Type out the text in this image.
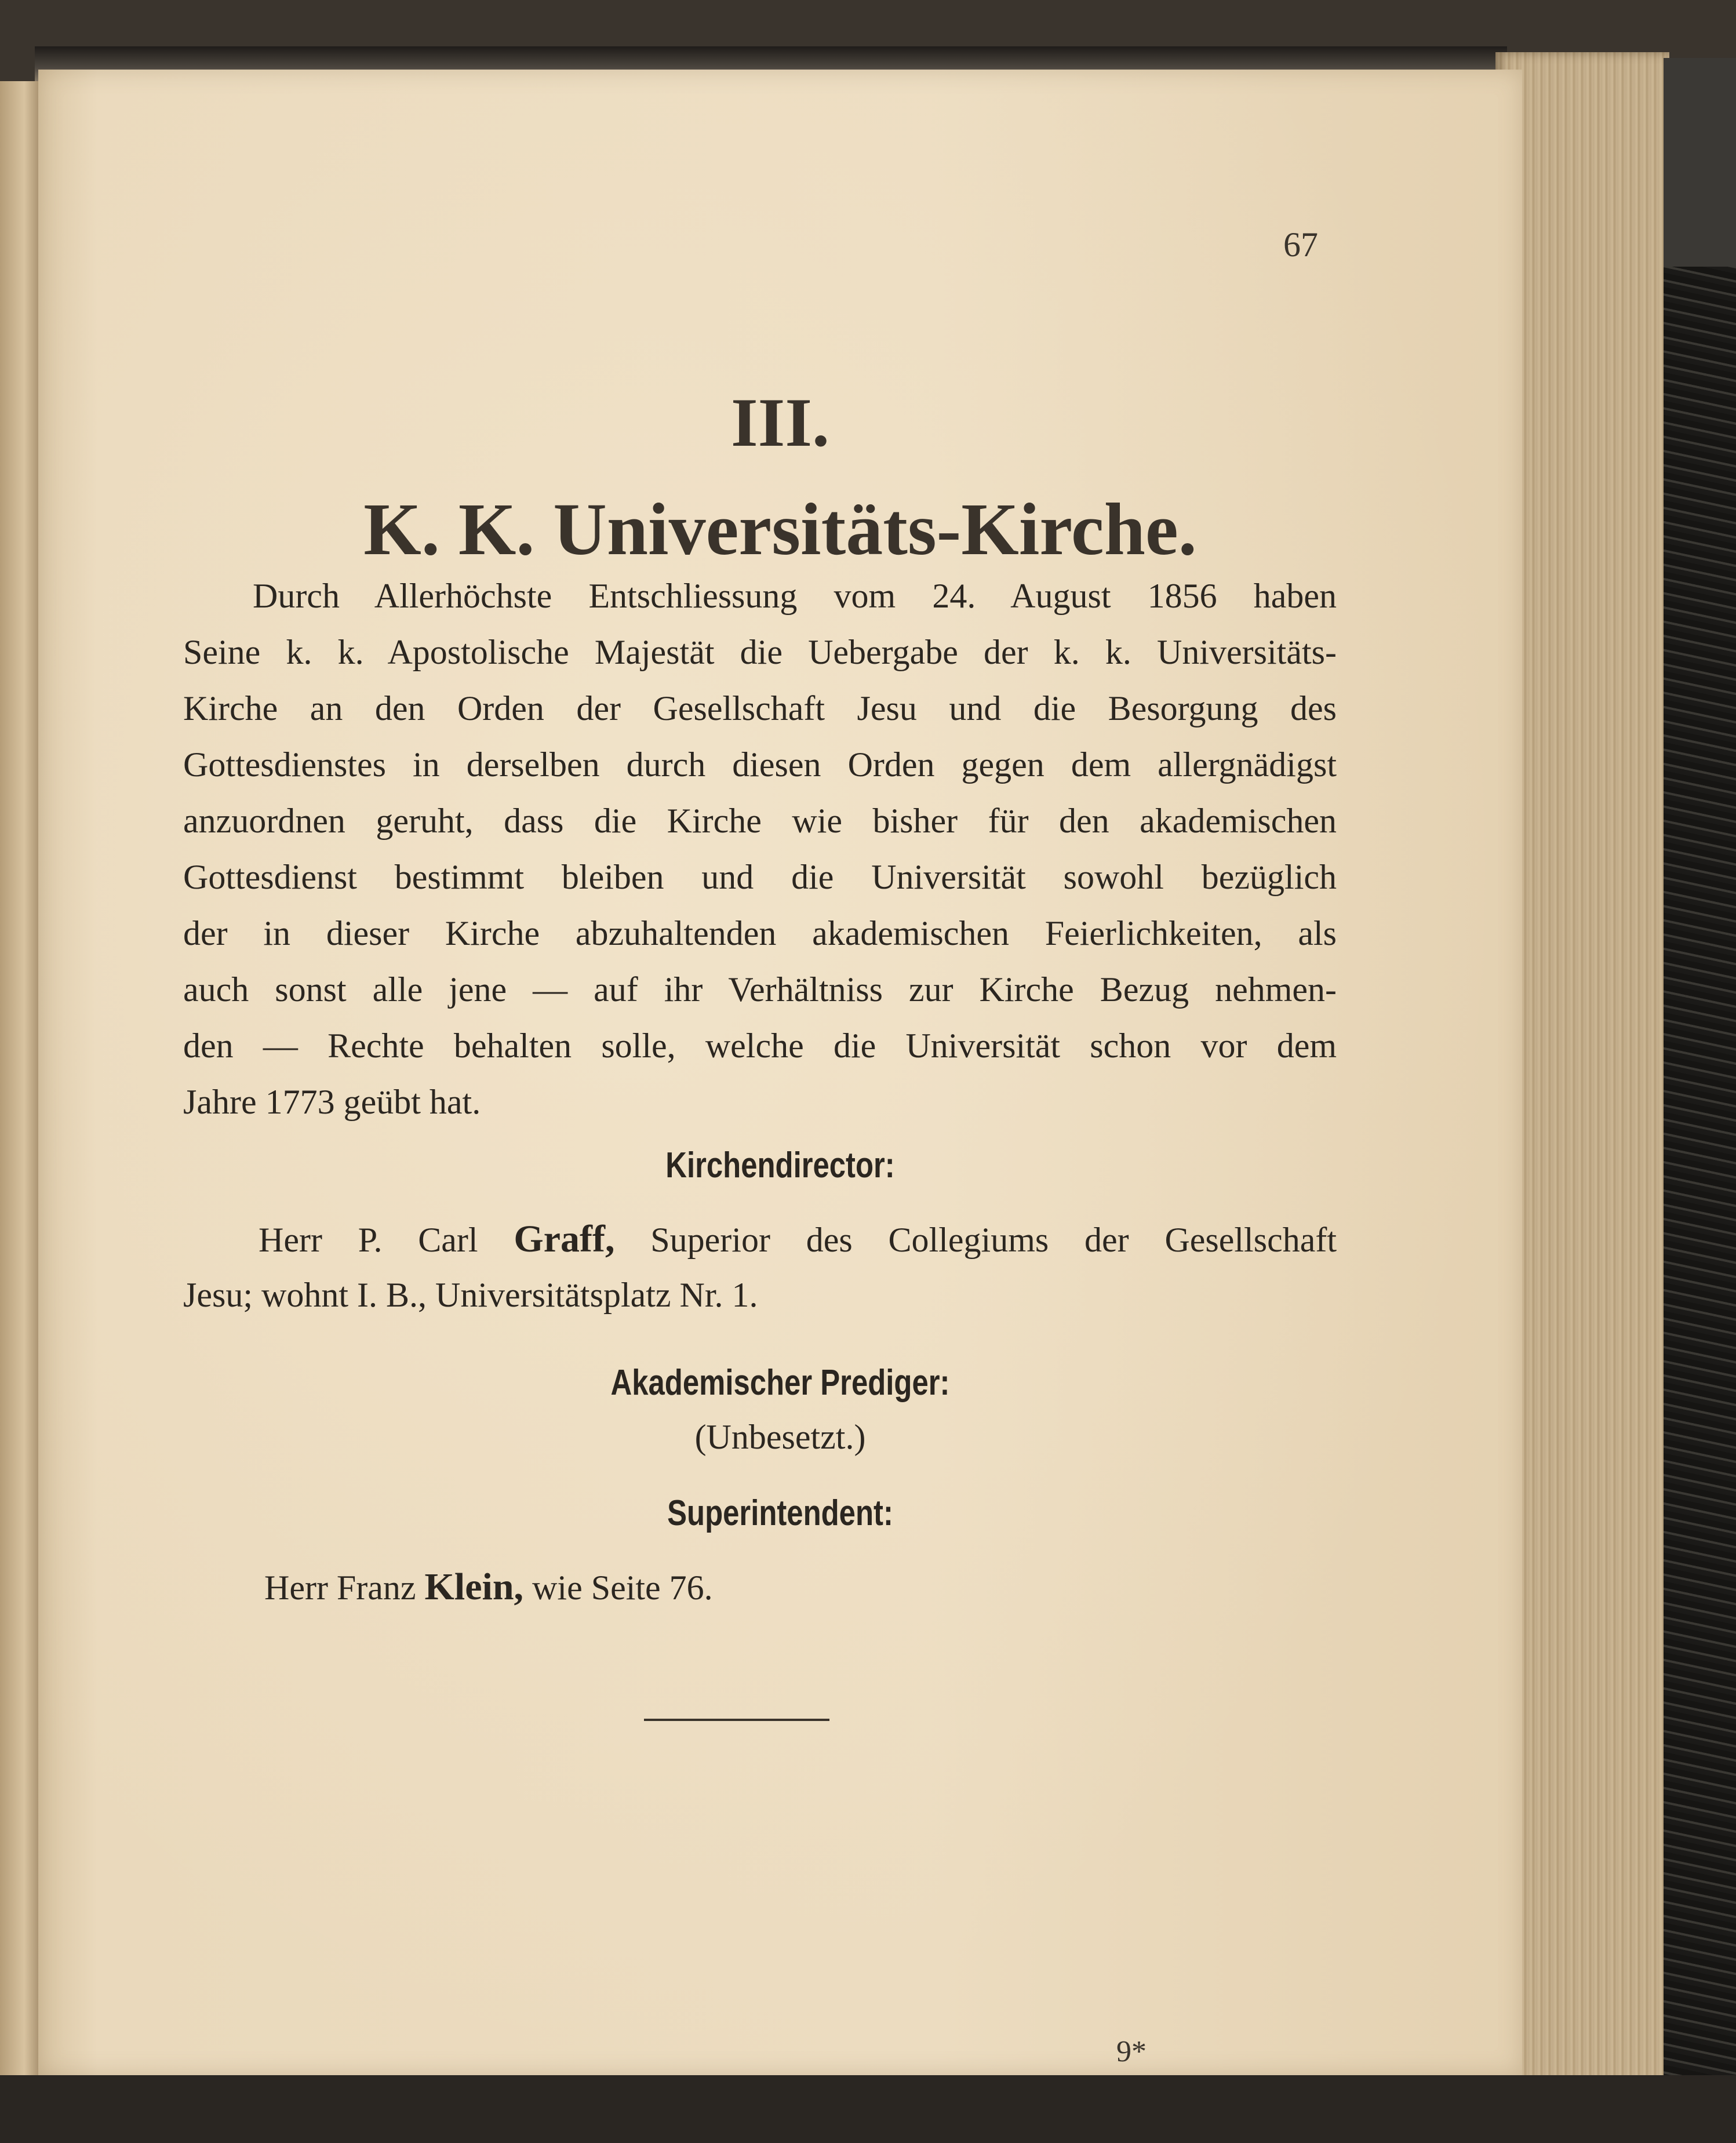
67

III.

K. K. Universitäts-Kirche.

Durch Allerhöchste Entschliessung vom 24. August 1856 haben
Seine k. k. Apostolische Majestät die Uebergabe der k. k. Universitäts-
Kirche an den Orden der Gesellschaft Jesu und die Besorgung des
Gottesdienstes in derselben durch diesen Orden gegen dem allergnädigst
anzuordnen geruht, dass die Kirche wie bisher für den akademischen
Gottesdienst bestimmt bleiben und die Universität sowohl bezüglich
der in dieser Kirche abzuhaltenden akademischen Feierlichkeiten, als
auch sonst alle jene — auf ihr Verhältniss zur Kirche Bezug nehmen-
den — Rechte behalten solle, welche die Universität schon vor dem
Jahre 1773 geübt hat.

Kirchendirector:

Herr P. Carl Graff, Superior des Collegiums der Gesellschaft

Jesu; wohnt I. B., Universitätsplatz Nr. 1.

Akademischer Prediger:

(Unbesetzt.)

Superintendent:

Herr Franz Klein, wie Seite 76.

9*
